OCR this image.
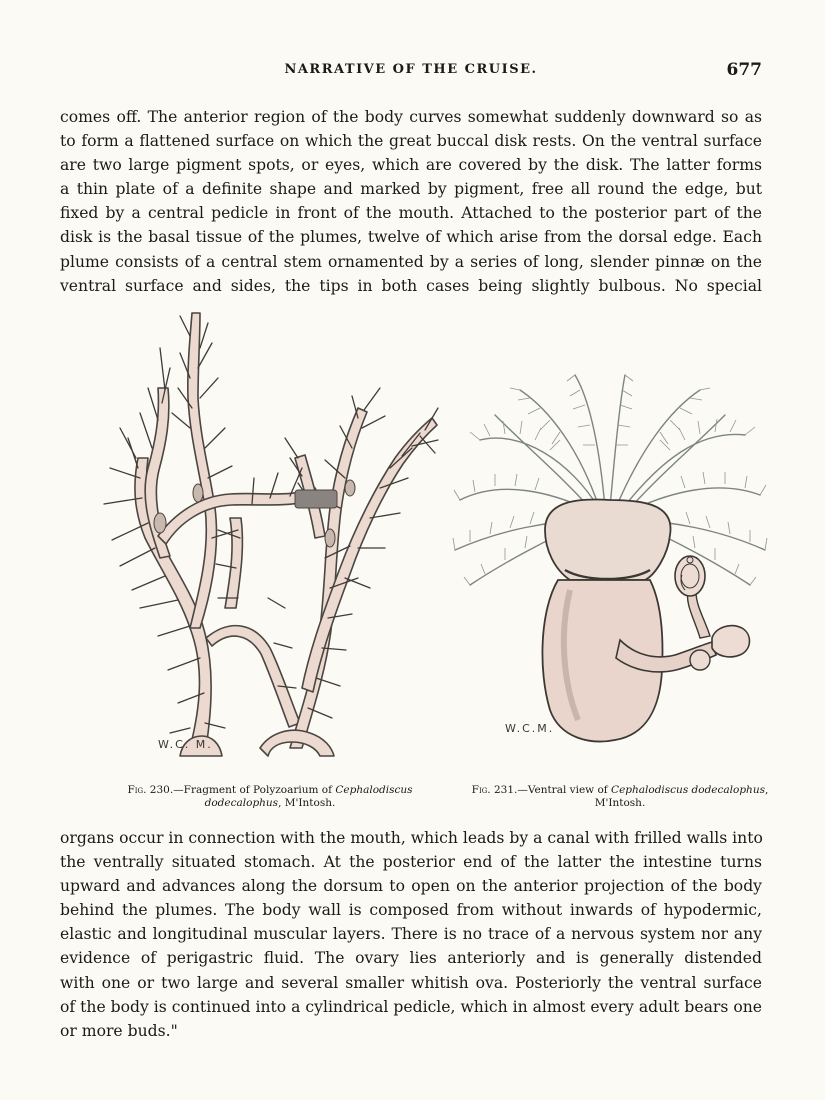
NARRATIVE OF THE CRUISE.	677
comes off. The anterior region of the body curves somewhat suddenly downward so as
to form a flattened surface on which the great buccal disk rests. On the ventral surface
are two large pigment spots, or eyes, which are covered by the disk. The latter forms
a thin plate of a definite shape and marked by pigment, free all round the edge, but
fixed by a central pedicle in front of the mouth. Attached to the posterior part of the
disk is the basal tissue of the plumes, twelve of which arise from the dorsal edge. Each
plume consists of a central stem ornamented by a series of long, slender pinnæ on the
ventral surface and sides, the tips in both cases being slightly bulbous. No special
W.C. M.
W.C.M.
Fig. 230.—Fragment of Polyzoarium of Cephalodiscus dodecalophus, M'Intosh.
Fig. 231.—Ventral view of Cephalodiscus dodecalophus, M'Intosh.
organs occur in connection with the mouth, which leads by a canal with frilled walls into
the ventrally situated stomach. At the posterior end of the latter the intestine turns
upward and advances along the dorsum to open on the anterior projection of the body
behind the plumes. The body wall is composed from without inwards of hypodermic,
elastic and longitudinal muscular layers. There is no trace of a nervous system nor any
evidence of perigastric fluid. The ovary lies anteriorly and is generally distended
with one or two large and several smaller whitish ova. Posteriorly the ventral surface
of the body is continued into a cylindrical pedicle, which in almost every adult bears one
or more buds."
